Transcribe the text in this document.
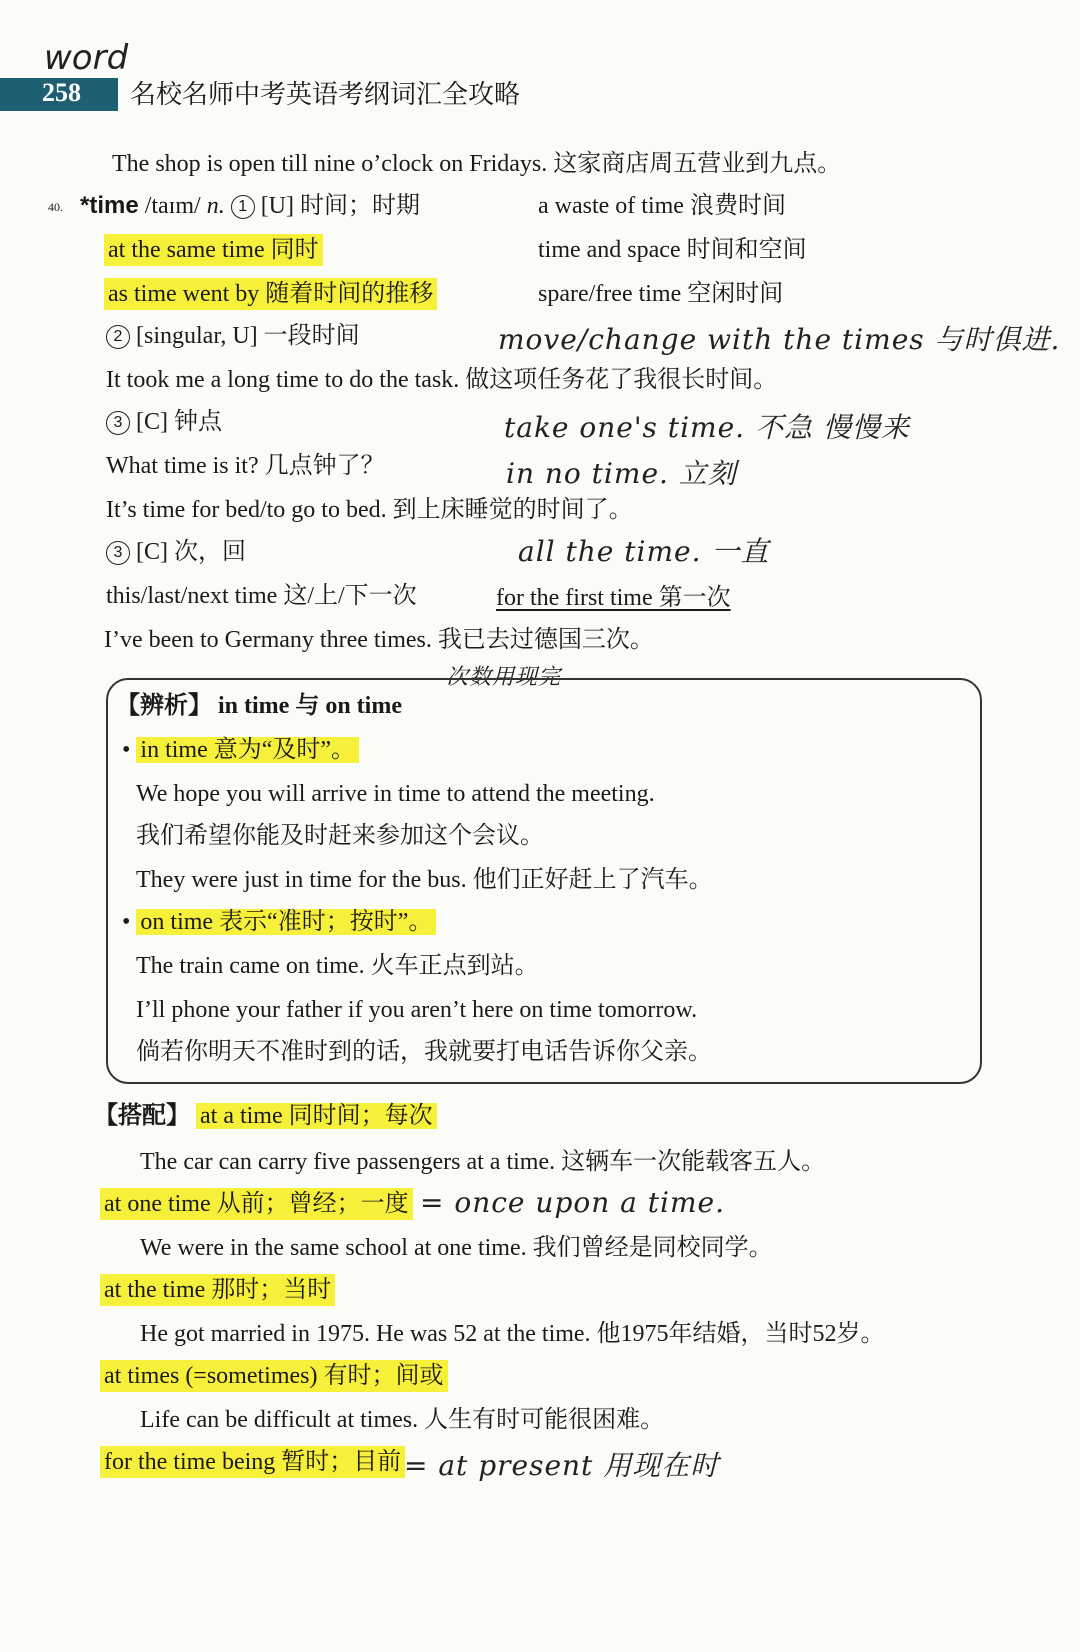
word
258 名校名师中考英语考纲词汇全攻略
The shop is open till nine o’clock on Fridays. 这家商店周五营业到九点。
40. *time /taɪm/ n. 1 [U] 时间；时期	a waste of time 浪费时间
at the same time 同时	time and space 时间和空间
as time went by 随着时间的推移	spare/free time 空闲时间
2 [singular, U] 一段时间	move/change with the times 与时俱进.
It took me a long time to do the task. 做这项任务花了我很长时间。
3 [C] 钟点	take one's time. 不急 慢慢来
What time is it? 几点钟了？	in no time. 立刻
It’s time for bed/to go to bed. 到上床睡觉的时间了。
3 [C] 次，回	all the time. 一直
this/last/next time 这/上/下一次	for the first time 第一次
I’ve been to Germany three times. 我已去过德国三次。
次数用现完
【辨析】 in time 与 on time
• in time 意为“及时”。
We hope you will arrive in time to attend the meeting.
我们希望你能及时赶来参加这个会议。
They were just in time for the bus. 他们正好赶上了汽车。
• on time 表示“准时；按时”。
The train came on time. 火车正点到站。
I’ll phone your father if you aren’t here on time tomorrow.
倘若你明天不准时到的话，我就要打电话告诉你父亲。
【搭配】 at a time 同时间；每次
The car can carry five passengers at a time. 这辆车一次能载客五人。
at one time 从前；曾经；一度 = once upon a time.
We were in the same school at one time. 我们曾经是同校同学。
at the time 那时；当时
He got married in 1975. He was 52 at the time. 他1975年结婚，当时52岁。
at times (=sometimes) 有时；间或
Life can be difficult at times. 人生有时可能很困难。
for the time being 暂时；目前 = at present 用现在时
